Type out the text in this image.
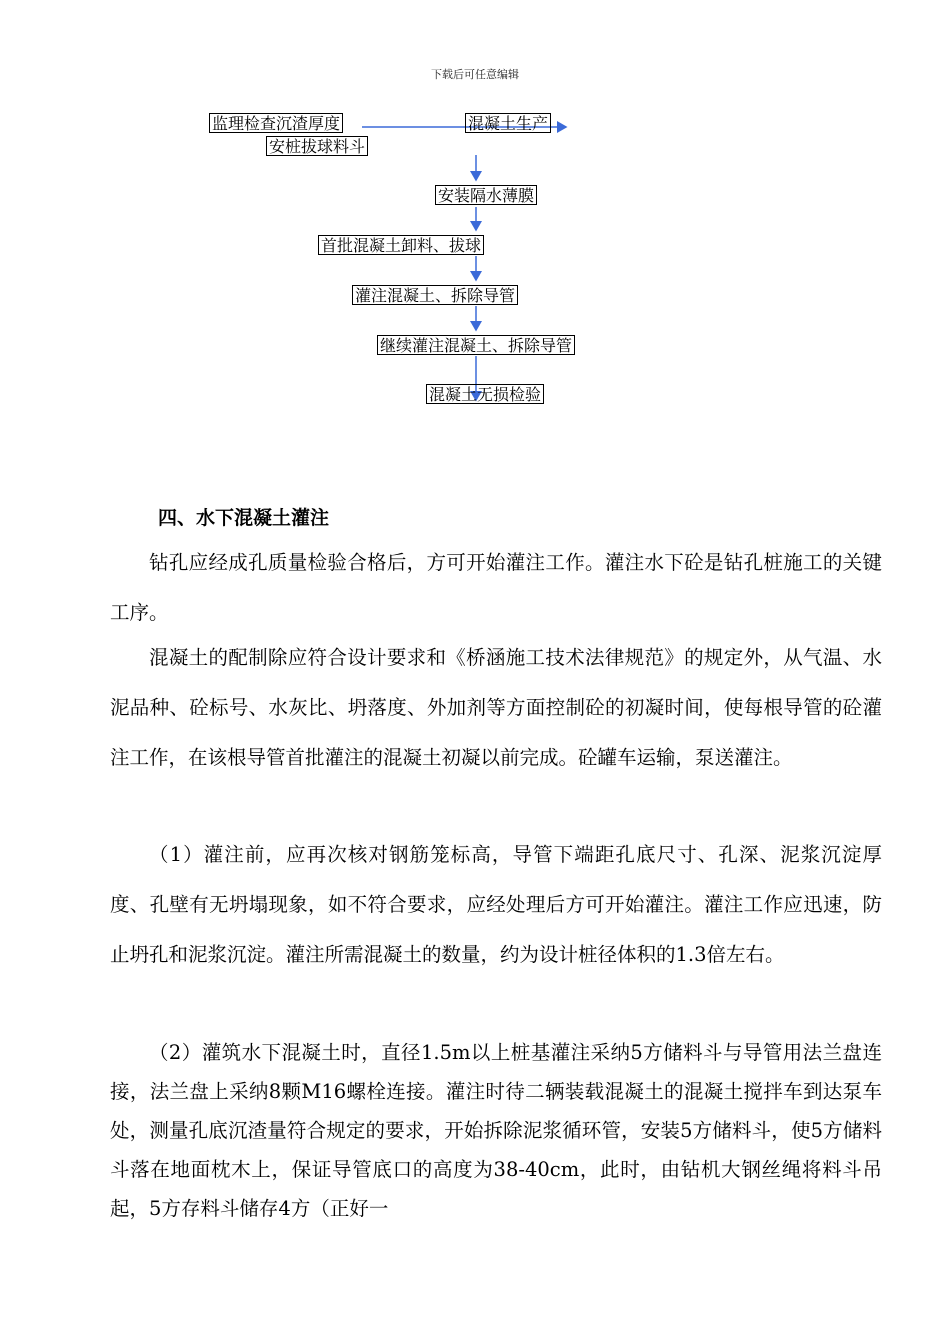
下载后可任意编辑
监理检查沉渣厚度
安桩拔球料斗
混凝土生产
安装隔水薄膜
首批混凝土卸料、拔球
灌注混凝土、拆除导管
继续灌注混凝土、拆除导管
混凝土无损检验
四、水下混凝土灌注
钻孔应经成孔质量检验合格后，方可开始灌注工作。灌注水下砼是钻孔桩施工的关键工序。
混凝土的配制除应符合设计要求和《桥涵施工技术法律规范》的规定外，从气温、水泥品种、砼标号、水灰比、坍落度、外加剂等方面控制砼的初凝时间，使每根导管的砼灌注工作，在该根导管首批灌注的混凝土初凝以前完成。砼罐车运输，泵送灌注。
（1）灌注前，应再次核对钢筋笼标高，导管下端距孔底尺寸、孔深、泥浆沉淀厚度、孔壁有无坍塌现象，如不符合要求，应经处理后方可开始灌注。灌注工作应迅速，防止坍孔和泥浆沉淀。灌注所需混凝土的数量，约为设计桩径体积的1.3倍左右。
（2）灌筑水下混凝土时，直径1.5m以上桩基灌注采纳5方储料斗与导管用法兰盘连接，法兰盘上采纳8颗M16螺栓连接。灌注时待二辆装载混凝土的混凝土搅拌车到达泵车处，测量孔底沉渣量符合规定的要求，开始拆除泥浆循环管，安装5方储料斗，使5方储料斗落在地面枕木上，保证导管底口的高度为38-40cm，此时，由钻机大钢丝绳将料斗吊起，5方存料斗储存4方（正好一
